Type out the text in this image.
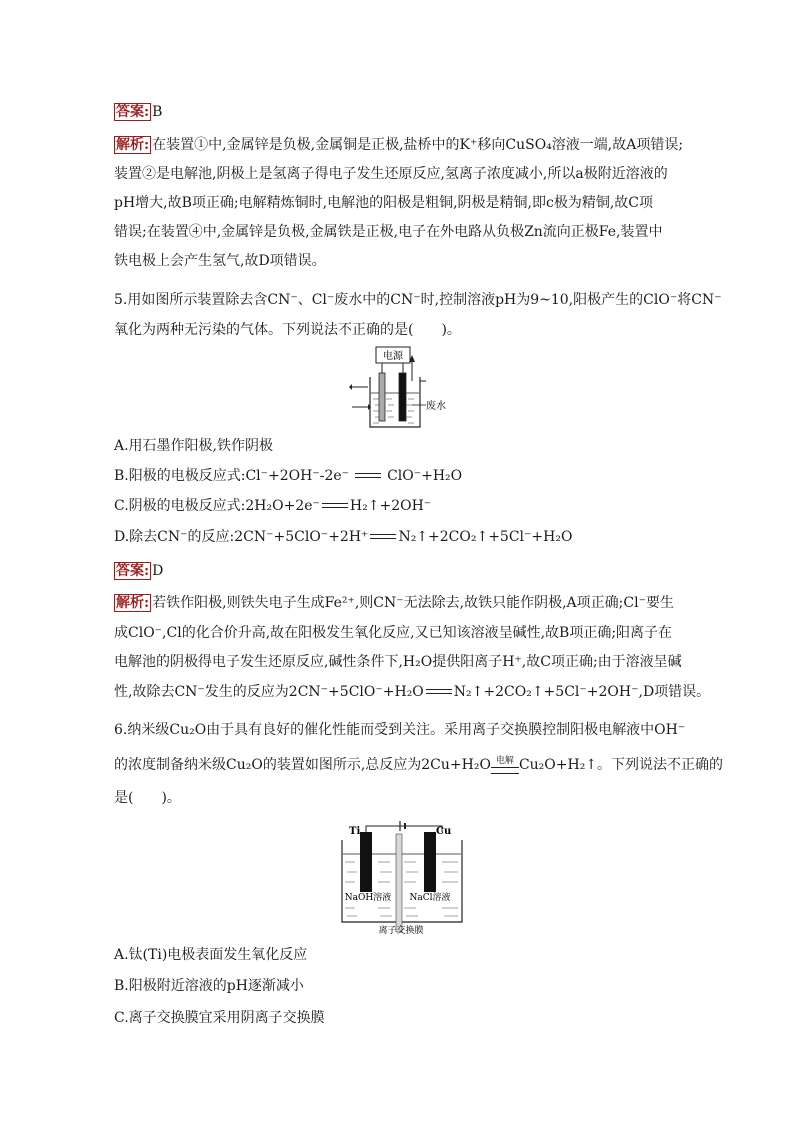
答案: B
解析: 在装置①中,金属锌是负极,金属铜是正极,盐桥中的K⁺移向CuSO₄溶液一端,故A项错误;
装置②是电解池,阴极上是氢离子得电子发生还原反应,氢离子浓度减小,所以a极附近溶液的
pH增大,故B项正确;电解精炼铜时,电解池的阳极是粗铜,阴极是精铜,即c极为精铜,故C项
错误;在装置④中,金属锌是负极,金属铁是正极,电子在外电路从负极Zn流向正极Fe,装置中
铁电极上会产生氢气,故D项错误。
5.用如图所示装置除去含CN⁻、Cl⁻废水中的CN⁻时,控制溶液pH为9~10,阳极产生的ClO⁻将CN⁻
氧化为两种无污染的气体。下列说法不正确的是(　　)。
电源
废水
A.用石墨作阳极,铁作阴极
B.阳极的电极反应式:Cl⁻+2OH⁻-2e⁻	ClO⁻+H₂O
C.阴极的电极反应式:2H₂O+2e⁻ H₂↑+2OH⁻
D.除去CN⁻的反应:2CN⁻+5ClO⁻+2H⁺ N₂↑+2CO₂↑+5Cl⁻+H₂O
答案: D
解析: 若铁作阳极,则铁失电子生成Fe²⁺,则CN⁻无法除去,故铁只能作阴极,A项正确;Cl⁻要生
成ClO⁻,Cl的化合价升高,故在阳极发生氧化反应,又已知该溶液呈碱性,故B项正确;阳离子在
电解池的阴极得电子发生还原反应,碱性条件下,H₂O提供阳离子H⁺,故C项正确;由于溶液呈碱
性,故除去CN⁻发生的反应为2CN⁻+5ClO⁻+H₂O N₂↑+2CO₂↑+5Cl⁻+2OH⁻,D项错误。
6.纳米级Cu₂O由于具有良好的催化性能而受到关注。采用离子交换膜控制阳极电解液中OH⁻
的浓度制备纳米级Cu₂O的装置如图所示,总反应为2Cu+H₂O 电解 Cu₂O+H₂↑。下列说法不正确的
是(　　)。
Ti	Cu
NaOH溶液 NaCl溶液
离子交换膜
A.钛(Ti)电极表面发生氧化反应
B.阳极附近溶液的pH逐渐减小
C.离子交换膜宜采用阴离子交换膜
